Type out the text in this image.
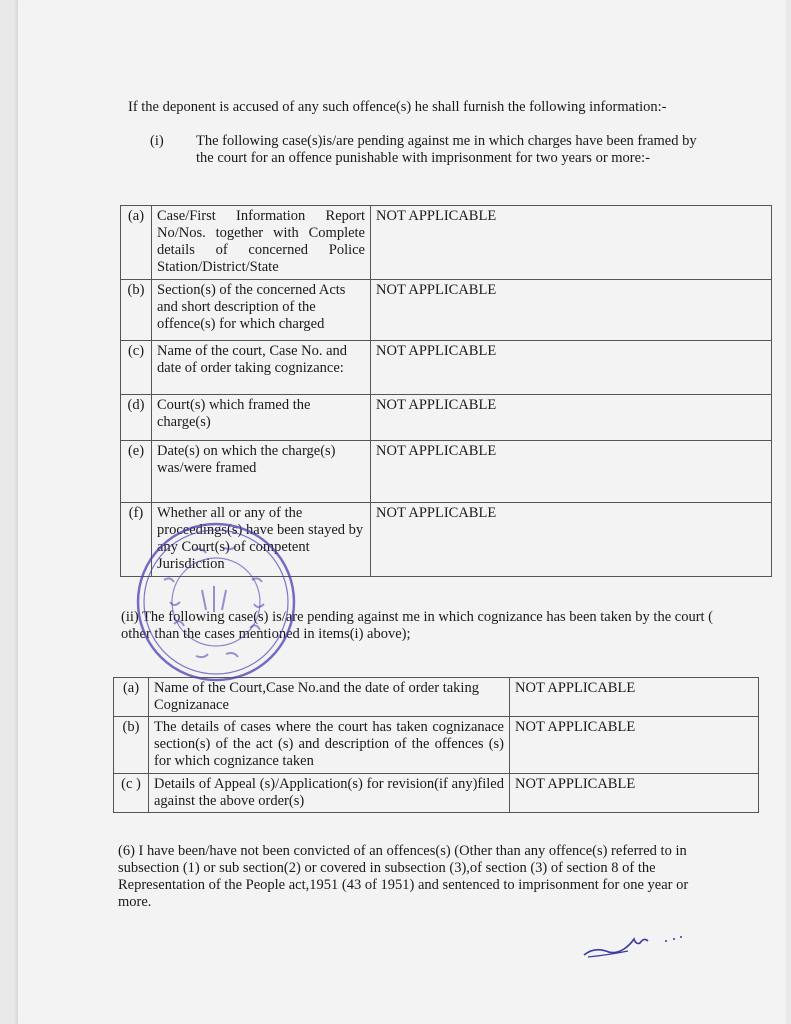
If the deponent is accused of any such offence(s) he shall furnish the following information:-
(i) The following case(s)is/are pending against me in which charges have been framed by the court for an offence punishable with imprisonment for two years or more:-
(a)	Case/First Information Report No/Nos. together with Complete details of concerned Police Station/District/State	NOT APPLICABLE
(b)	Section(s) of the concerned Acts and short description of the offence(s) for which charged	NOT APPLICABLE
(c)	Name of the court, Case No. and date of order taking cognizance:	NOT APPLICABLE
(d)	Court(s) which framed the charge(s)	NOT APPLICABLE
(e)	Date(s) on which the charge(s) was/were framed	NOT APPLICABLE
(f)	Whether all or any of the proceedings(s) have been stayed by any Court(s) of competent Jurisdiction	NOT APPLICABLE
(ii) The following case(s) is/are pending against me in which cognizance has been taken by the court ( other than the cases mentioned in items(i) above);
(a)	Name of the Court,Case No.and the date of order taking Cognizanace	NOT APPLICABLE
(b)	The details of cases where the court has taken cognizanace section(s) of the act (s) and description of the offences (s) for which cognizance taken	NOT APPLICABLE
(c )	Details of Appeal (s)/Application(s) for revision(if any)filed against the above order(s)	NOT APPLICABLE
(6) I have been/have not been convicted of an offences(s) (Other than any offence(s) referred to in subsection (1) or sub section(2) or covered in subsection (3),of section (3) of section 8 of the Representation of the People act,1951 (43 of 1951) and sentenced to imprisonment for one year or more.
